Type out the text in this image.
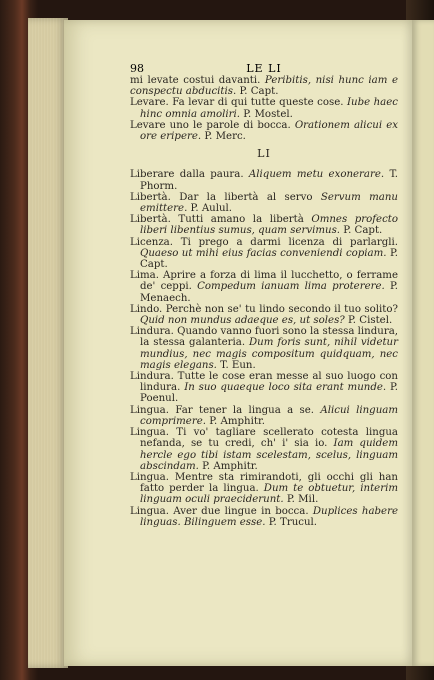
98	LE LI
mi levate costui davanti. Peribitis, nisi hunc iam e conspectu abducitis. P. Capt.
Levare. Fa levar di qui tutte queste cose. Iube haec hinc omnia amoliri. P. Mostel.
Levare uno le parole di bocca. Orationem alicui ex ore eripere. P. Merc.
LI
Liberare dalla paura. Aliquem metu exonerare. T. Phorm.
Libertà. Dar la libertà al servo Servum manu emittere. P. Aulul.
Libertà. Tutti amano la libertà Omnes profecto liberi libentius sumus, quam servimus. P. Capt.
Licenza. Ti prego a darmi licenza di parlargli. Quaeso ut mihi eius facias conveniendi copiam. P. Capt.
Lima. Aprire a forza di lima il lucchetto, o ferrame de' ceppi. Compedum ianuam lima proterere. P. Menaech.
Lindo. Perchè non se' tu lindo secondo il tuo solito? Quid non mundus adaeque es, ut soles? P. Cistel.
Lindura. Quando vanno fuori sono la stessa lindura, la stessa galanteria. Dum foris sunt, nihil videtur mundius, nec magis compositum quidquam, nec magis elegans. T. Eun.
Lindura. Tutte le cose eran messe al suo luogo con lindura. In suo quaeque loco sita erant munde. P. Poenul.
Lingua. Far tener la lingua a se. Alicui linguam comprimere. P. Amphitr.
Lingua. Ti vo' tagliare scellerato cotesta lingua nefanda, se tu credi, ch' i' sia io. Iam quidem hercle ego tibi istam scelestam, scelus, linguam abscindam. P. Amphitr.
Lingua. Mentre sta rimirandoti, gli occhi gli han fatto perder la lingua. Dum te obtuetur, interim linguam oculi praeciderunt. P. Mil.
Lingua. Aver due lingue in bocca. Duplices habere linguas. Bilinguem esse. P. Trucul.
